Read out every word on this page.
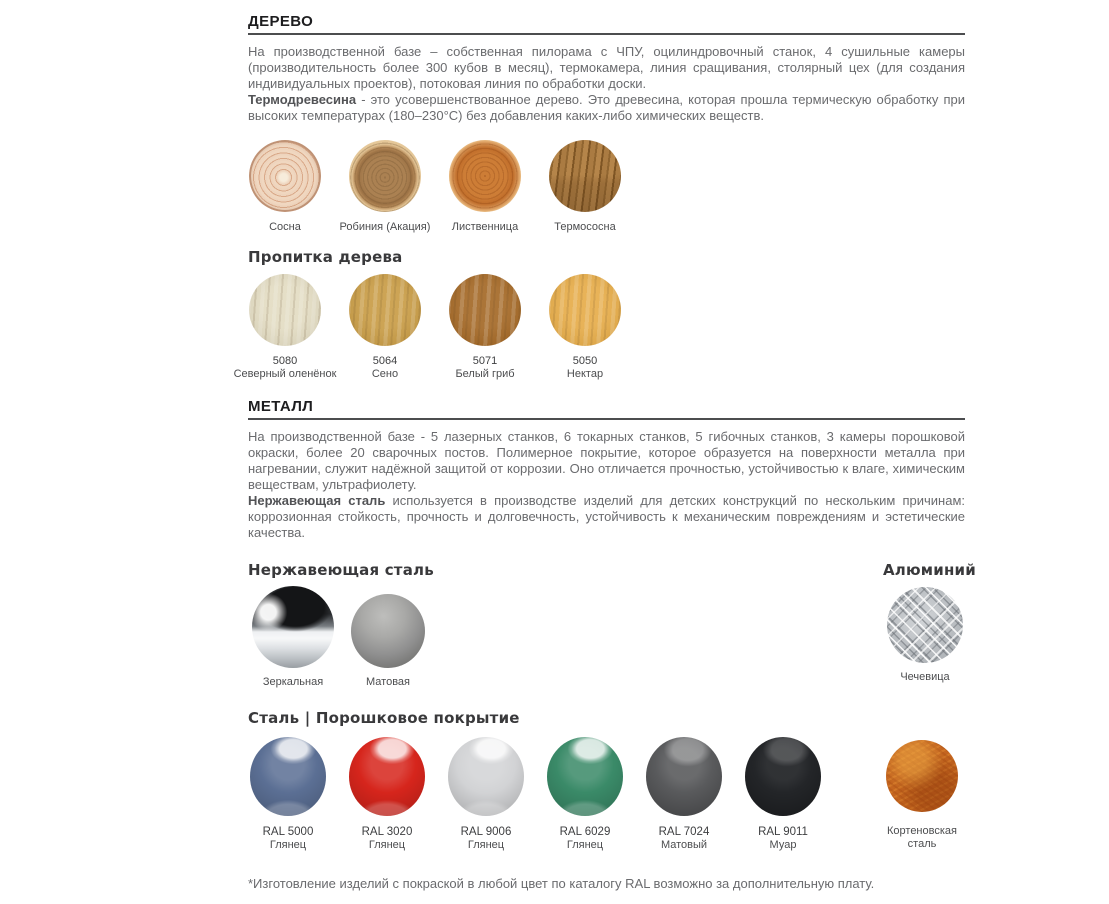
ДЕРЕВО

На производственной базе – собственная пилорама с ЧПУ, оцилиндровочный станок, 4 сушильные камеры (производительность более 300 кубов в месяц), термокамера, линия сращивания, столярный цех (для создания индивидуальных проектов), потоковая линия по обработки доски.

Термодревесина - это усовершенствованное дерево. Это древесина, которая прошла термическую обработку при высоких температурах (180–230°C) без добавления каких-либо химических веществ.

Сосна	Робиния (Акация)	Лиственница	Термососна
Пропитка дерева
5080
Северный оленёнок
5064
Сено
5071
Белый гриб
5050
Нектар
МЕТАЛЛ

На производственной базе - 5 лазерных станков, 6 токарных станков, 5 гибочных станков, 3 камеры порошковой окраски, более 20 сварочных постов. Полимерное покрытие, которое образуется на поверхности металла при нагревании, служит надёжной защитой от коррозии. Оно отличается прочностью, устойчивостью к влаге, химическим веществам, ультрафиолету.

Нержавеющая сталь используется в производстве изделий для детских конструкций по нескольким причинам: коррозионная стойкость, прочность и долговечность, устойчивость к механическим повреждениям и эстетические качества.

Нержавеющая сталь
Зеркальная	Матовая
Алюминий
Чечевица
Сталь | Порошковое покрытие
RAL 5000
Глянец
RAL 3020
Глянец
RAL 9006
Глянец
RAL 6029
Глянец
RAL 7024
Матовый
RAL 9011
Муар
Кортеновская сталь

*Изготовление изделий с покраской в любой цвет по каталогу RAL возможно за дополнительную плату.
